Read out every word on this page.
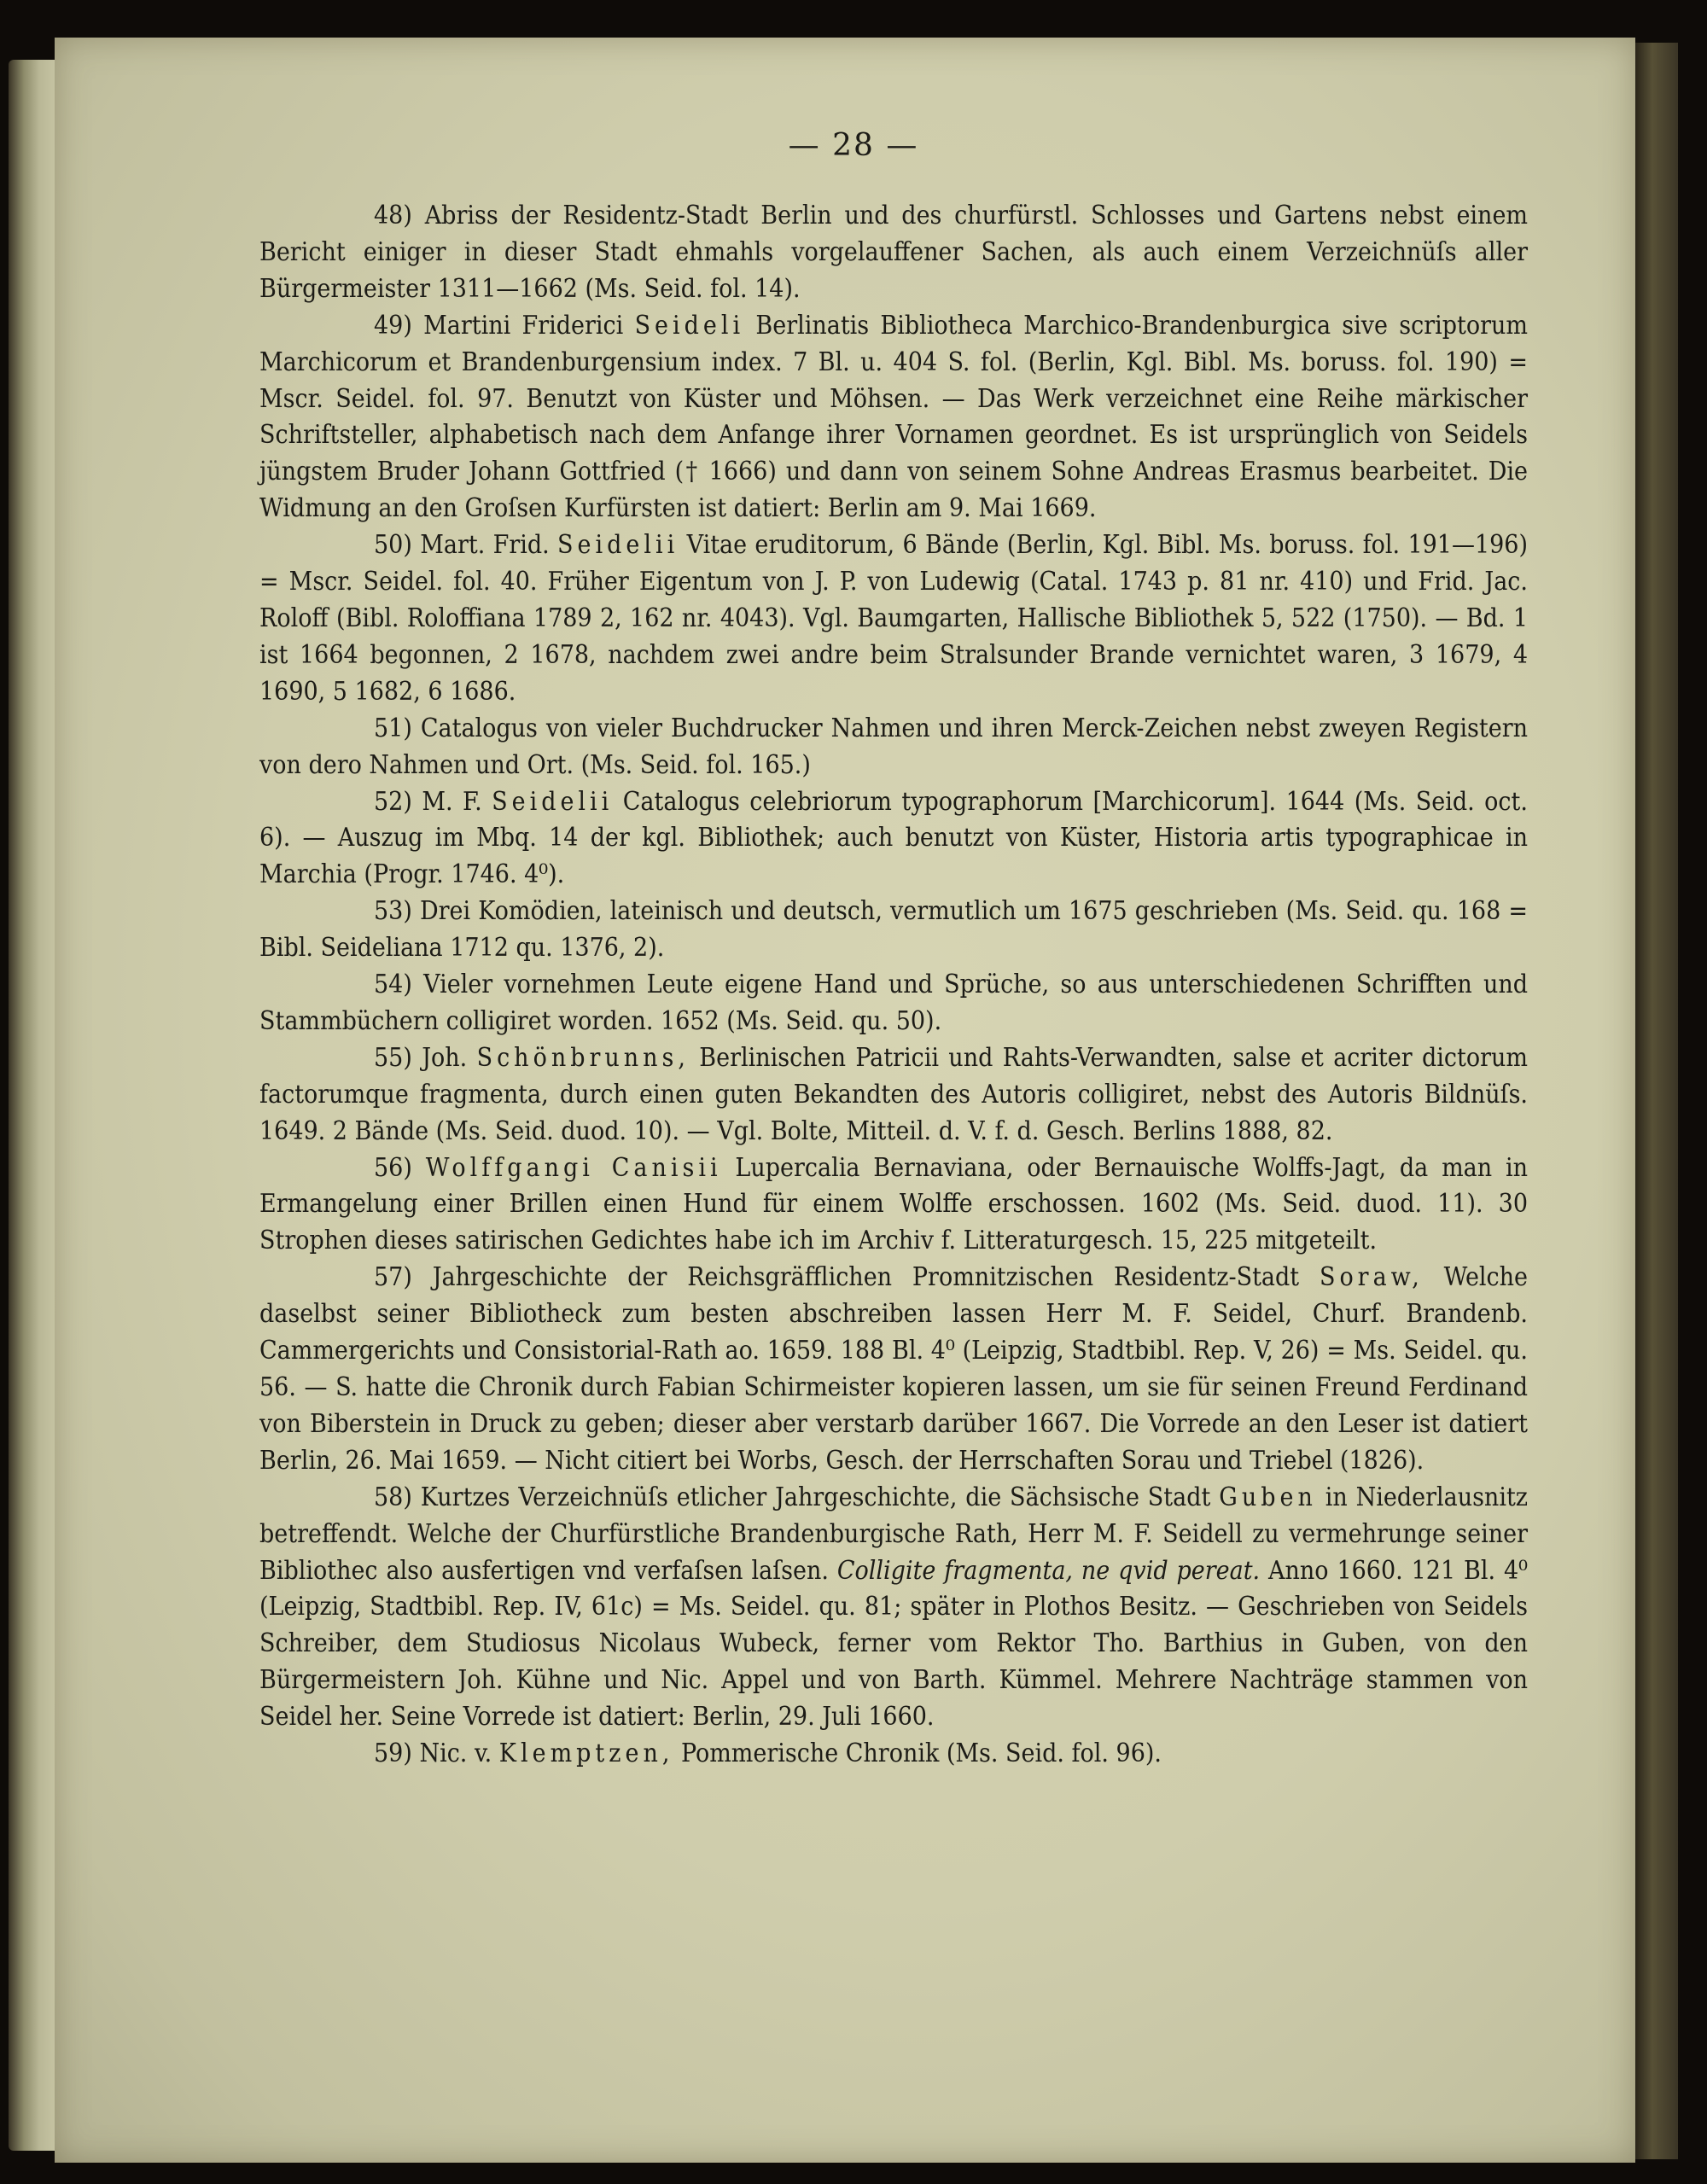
— 28 —

48) Abriss der Residentz-Stadt Berlin und des churfürstl. Schlosses und Gartens nebst einem Bericht einiger in dieser Stadt ehmahls vorgelauffener Sachen, als auch einem Verzeichnüſs aller Bürgermeister 1311—1662 (Ms. Seid. fol. 14).

49) Martini Friderici Seideli Berlinatis Bibliotheca Marchico-Brandenburgica sive scriptorum Marchicorum et Brandenburgensium index. 7 Bl. u. 404 S. fol. (Berlin, Kgl. Bibl. Ms. boruss. fol. 190) = Mscr. Seidel. fol. 97. Benutzt von Küster und Möhsen. — Das Werk verzeichnet eine Reihe märkischer Schriftsteller, alphabetisch nach dem Anfange ihrer Vornamen geordnet. Es ist ursprünglich von Seidels jüngstem Bruder Johann Gottfried († 1666) und dann von seinem Sohne Andreas Erasmus bearbeitet. Die Widmung an den Groſsen Kurfürsten ist datiert: Berlin am 9. Mai 1669.

50) Mart. Frid. Seidelii Vitae eruditorum, 6 Bände (Berlin, Kgl. Bibl. Ms. boruss. fol. 191—196) = Mscr. Seidel. fol. 40. Früher Eigentum von J. P. von Ludewig (Catal. 1743 p. 81 nr. 410) und Frid. Jac. Roloff (Bibl. Roloffiana 1789 2, 162 nr. 4043). Vgl. Baumgarten, Hallische Bibliothek 5, 522 (1750). — Bd. 1 ist 1664 begonnen, 2 1678, nachdem zwei andre beim Stralsunder Brande vernichtet waren, 3 1679, 4 1690, 5 1682, 6 1686.

51) Catalogus von vieler Buchdrucker Nahmen und ihren Merck-Zeichen nebst zweyen Registern von dero Nahmen und Ort. (Ms. Seid. fol. 165.)

52) M. F. Seidelii Catalogus celebriorum typographorum [Marchicorum]. 1644 (Ms. Seid. oct. 6). — Auszug im Mbq. 14 der kgl. Bibliothek; auch benutzt von Küster, Historia artis typographicae in Marchia (Progr. 1746. 4⁰).

53) Drei Komödien, lateinisch und deutsch, vermutlich um 1675 geschrieben (Ms. Seid. qu. 168 = Bibl. Seideliana 1712 qu. 1376, 2).

54) Vieler vornehmen Leute eigene Hand und Sprüche, so aus unterschiedenen Schrifften und Stammbüchern colligiret worden. 1652 (Ms. Seid. qu. 50).

55) Joh. Schönbrunns, Berlinischen Patricii und Rahts-Verwandten, salse et acriter dictorum factorumque fragmenta, durch einen guten Bekandten des Autoris colligiret, nebst des Autoris Bildnüſs. 1649. 2 Bände (Ms. Seid. duod. 10). — Vgl. Bolte, Mitteil. d. V. f. d. Gesch. Berlins 1888, 82.

56) Wolffgangi Canisii Lupercalia Bernaviana, oder Bernauische Wolffs-Jagt, da man in Ermangelung einer Brillen einen Hund für einem Wolffe erschossen. 1602 (Ms. Seid. duod. 11). 30 Strophen dieses satirischen Gedichtes habe ich im Archiv f. Litteraturgesch. 15, 225 mitgeteilt.

57) Jahrgeschichte der Reichsgräfflichen Promnitzischen Residentz-Stadt Soraw, Welche daselbst seiner Bibliotheck zum besten abschreiben lassen Herr M. F. Seidel, Churf. Brandenb. Cammergerichts und Consistorial-Rath ao. 1659. 188 Bl. 4⁰ (Leipzig, Stadtbibl. Rep. V, 26) = Ms. Seidel. qu. 56. — S. hatte die Chronik durch Fabian Schirmeister kopieren lassen, um sie für seinen Freund Ferdinand von Biberstein in Druck zu geben; dieser aber verstarb darüber 1667. Die Vorrede an den Leser ist datiert Berlin, 26. Mai 1659. — Nicht citiert bei Worbs, Gesch. der Herrschaften Sorau und Triebel (1826).

58) Kurtzes Verzeichnüſs etlicher Jahrgeschichte, die Sächsische Stadt Guben in Niederlausnitz betreffendt. Welche der Churfürstliche Brandenburgische Rath, Herr M. F. Seidell zu vermehrunge seiner Bibliothec also ausfertigen vnd verfaſsen laſsen. Colligite fragmenta, ne qvid pereat. Anno 1660. 121 Bl. 4⁰ (Leipzig, Stadtbibl. Rep. IV, 61c) = Ms. Seidel. qu. 81; später in Plothos Besitz. — Geschrieben von Seidels Schreiber, dem Studiosus Nicolaus Wubeck, ferner vom Rektor Tho. Barthius in Guben, von den Bürgermeistern Joh. Kühne und Nic. Appel und von Barth. Kümmel. Mehrere Nachträge stammen von Seidel her. Seine Vorrede ist datiert: Berlin, 29. Juli 1660.

59) Nic. v. Klemptzen, Pommerische Chronik (Ms. Seid. fol. 96).
